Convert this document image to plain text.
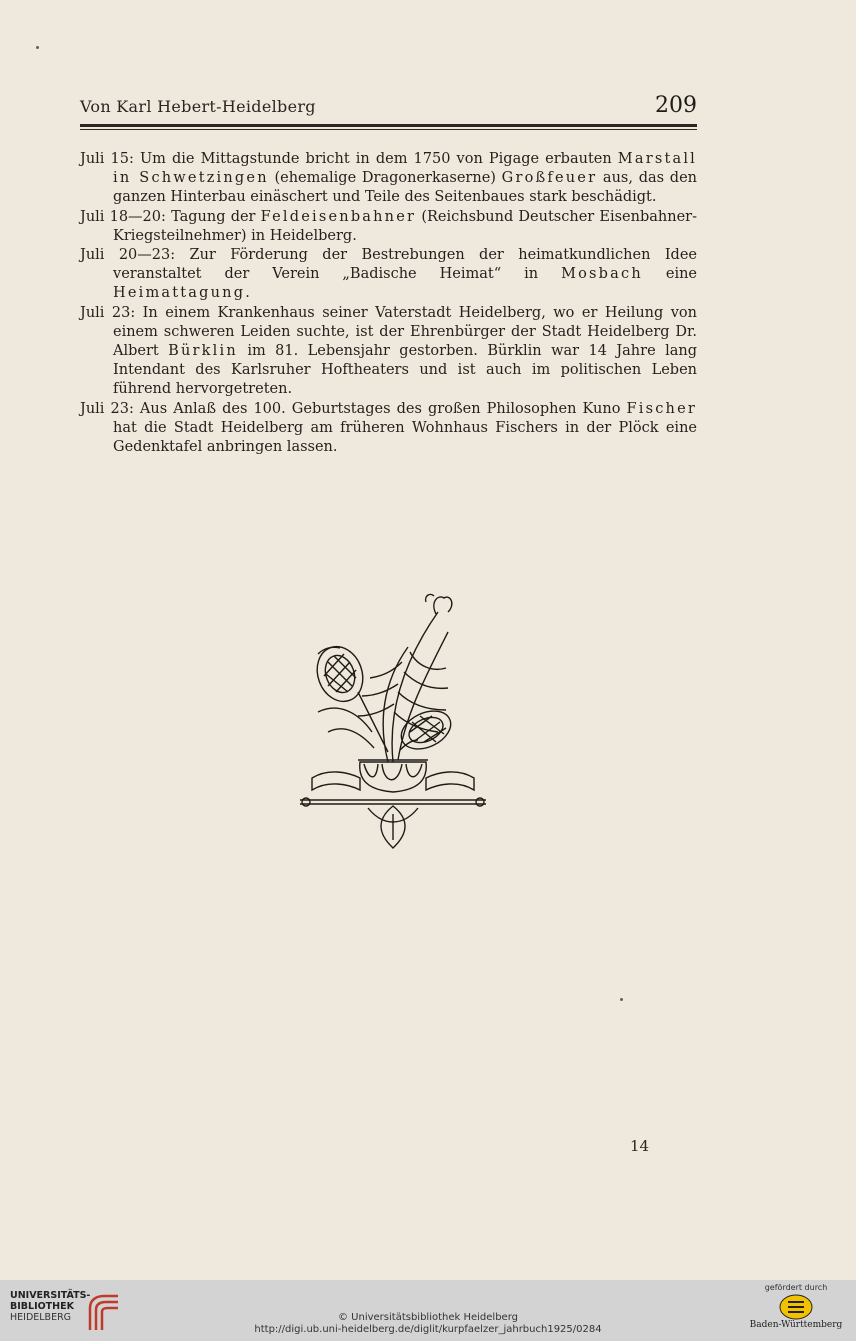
Von Karl Hebert-Heidelberg	209
Juli 15: Um die Mittagstunde bricht in dem 1750 von Pigage erbauten Marstall in Schwetzingen (ehemalige Dragonerkaserne) Großfeuer aus, das den ganzen Hinterbau einäschert und Teile des Seitenbaues stark beschädigt.
Juli 18—20: Tagung der Feldeisenbahner (Reichsbund Deutscher Eisenbahner-Kriegsteilnehmer) in Heidelberg.
Juli 20—23: Zur Förderung der Bestrebungen der heimatkundlichen Idee veranstaltet der Verein „Badische Heimat“ in Mosbach eine Heimattagung.
Juli 23: In einem Krankenhaus seiner Vaterstadt Heidelberg, wo er Heilung von einem schweren Leiden suchte, ist der Ehrenbürger der Stadt Heidelberg Dr. Albert Bürklin im 81. Lebensjahr gestorben. Bürklin war 14 Jahre lang Intendant des Karlsruher Hoftheaters und ist auch im politischen Leben führend hervorgetreten.
Juli 23: Aus Anlaß des 100. Geburtstages des großen Philosophen Kuno Fischer hat die Stadt Heidelberg am früheren Wohnhaus Fischers in der Plöck eine Gedenktafel anbringen lassen.
14
UNIVERSITÄTS-
BIBLIOTHEK
HEIDELBERG	© Universitätsbibliothek Heidelberg
http://digi.ub.uni-heidelberg.de/diglit/kurpfaelzer_jahrbuch1925/0284
gefördert durch
Baden-Württemberg
